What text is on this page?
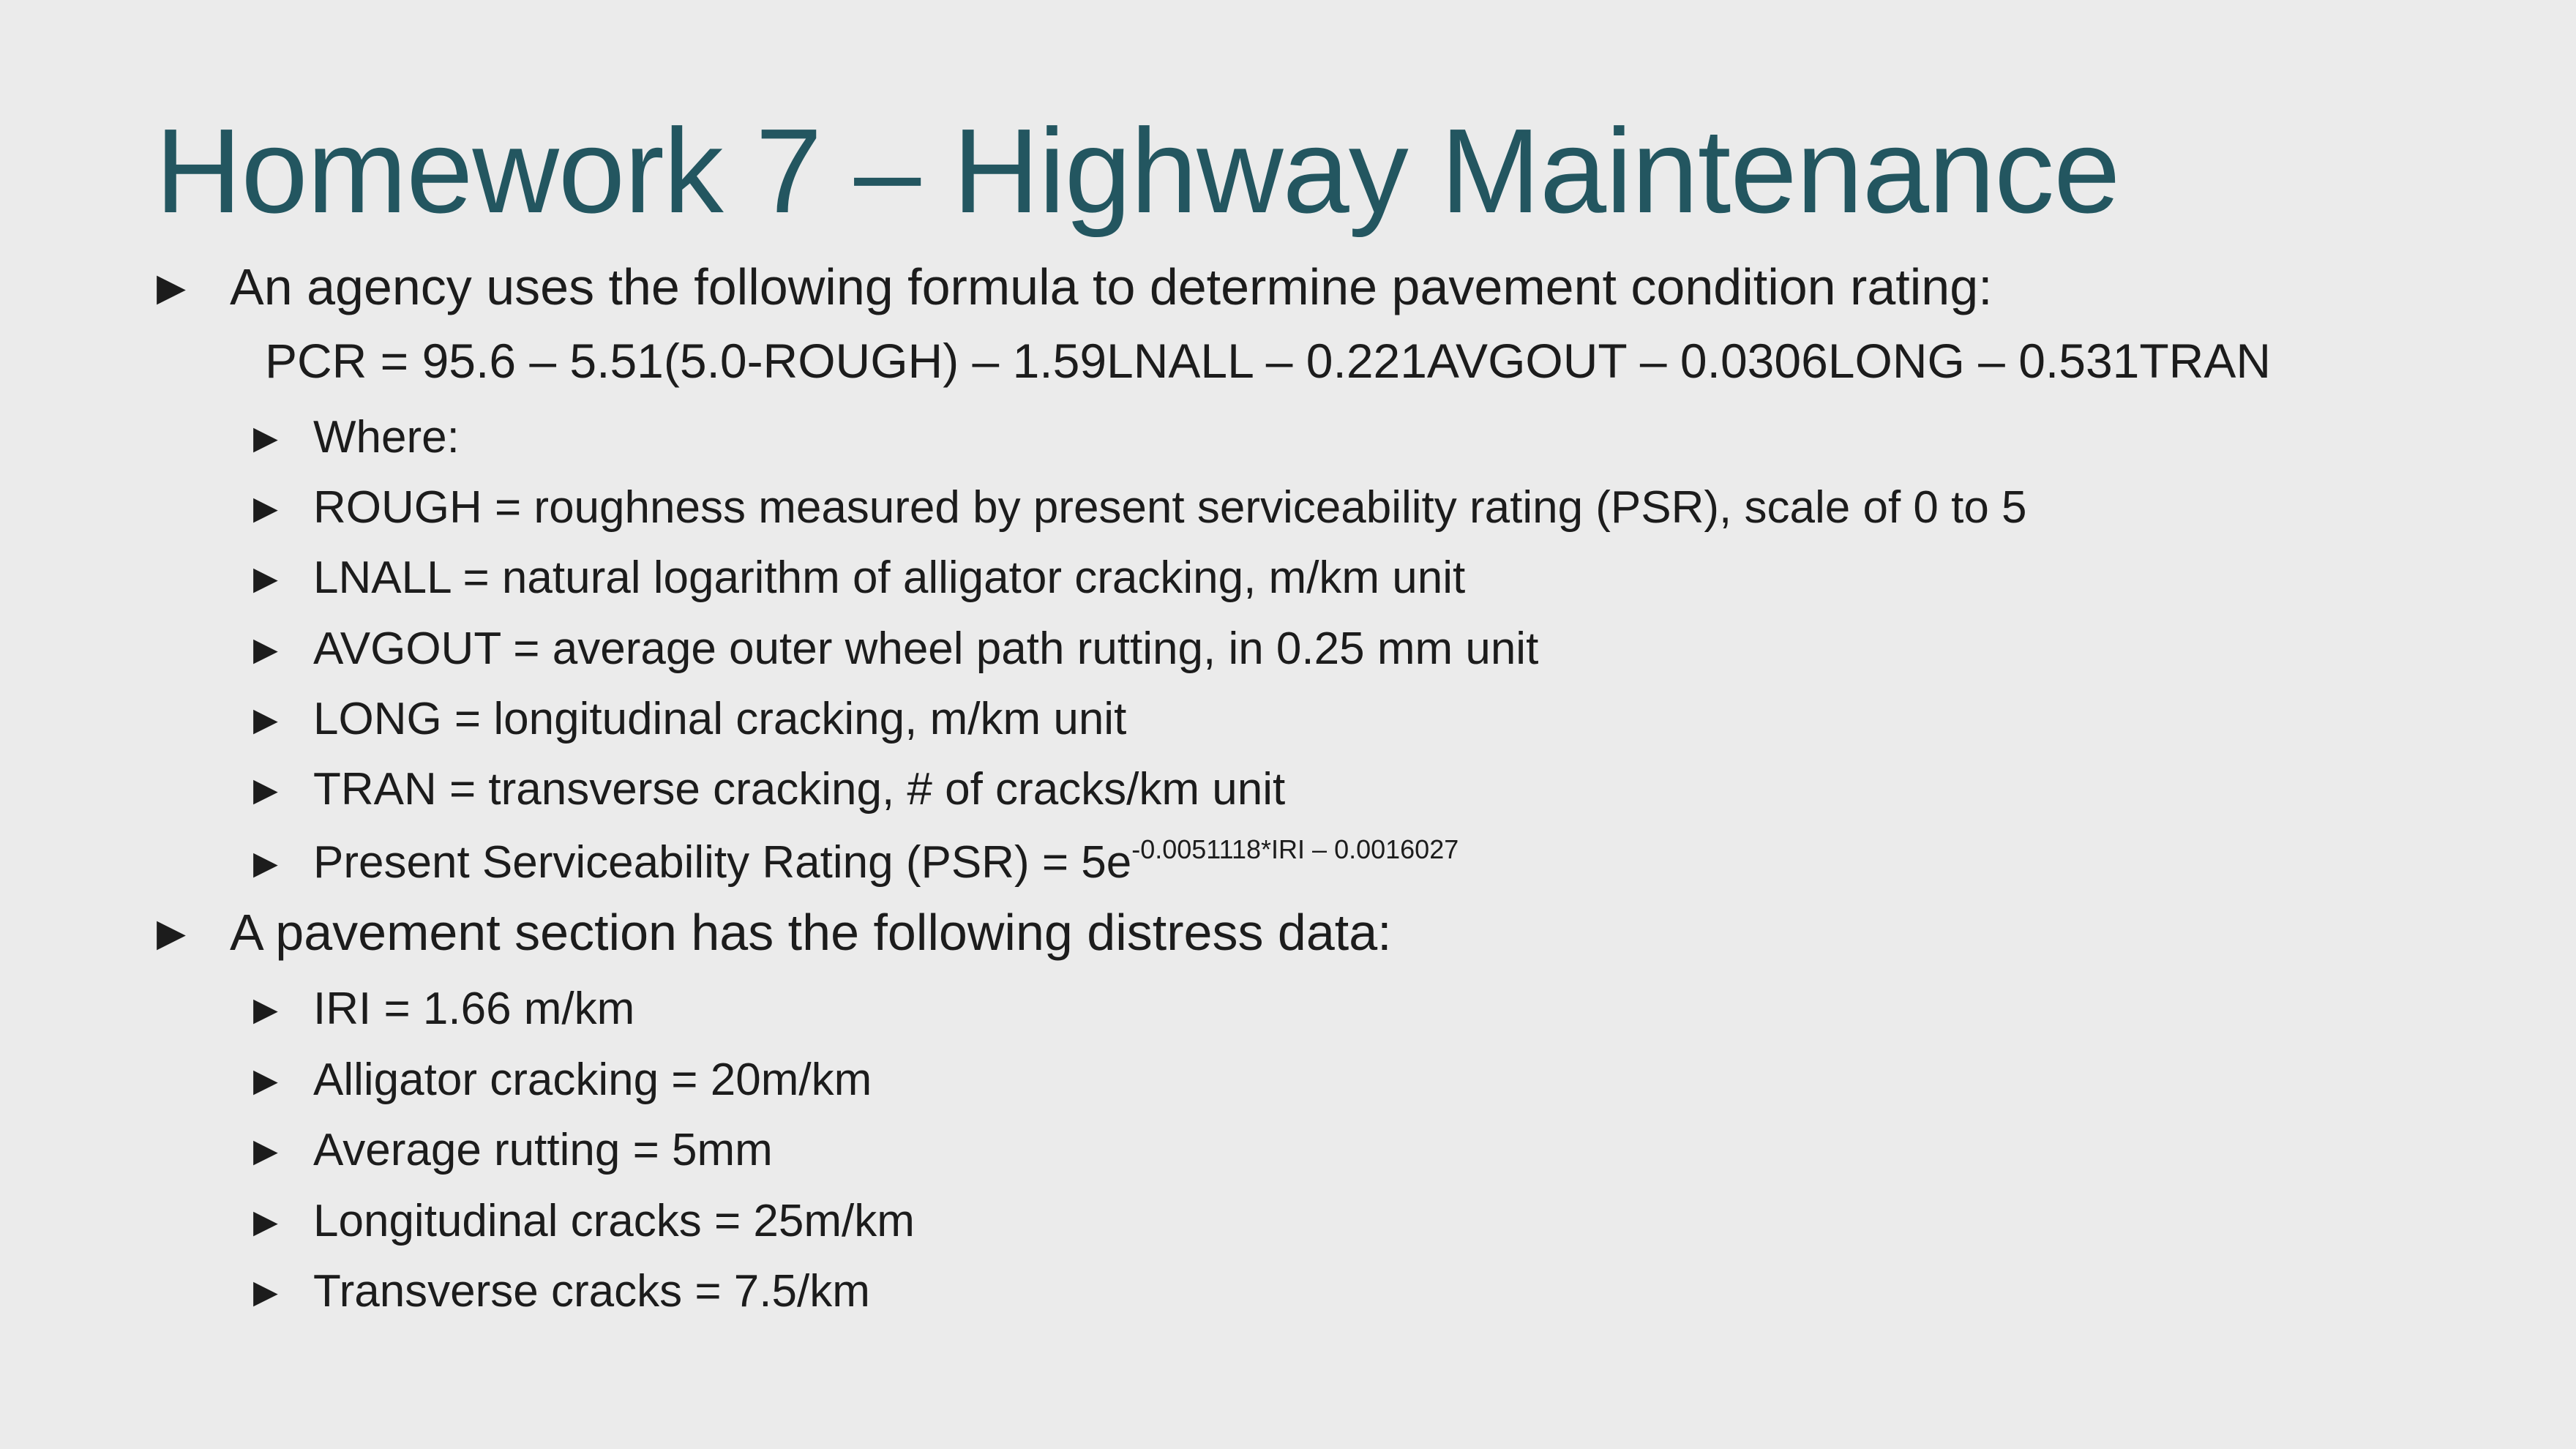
Homework 7 – Highway Maintenance
▶ An agency uses the following formula to determine pavement condition rating:
PCR = 95.6 – 5.51(5.0-ROUGH) – 1.59LNALL – 0.221AVGOUT – 0.0306LONG – 0.531TRAN
▶ Where:
▶ ROUGH = roughness measured by present serviceability rating (PSR), scale of 0 to 5
▶ LNALL = natural logarithm of alligator cracking, m/km unit
▶ AVGOUT = average outer wheel path rutting, in 0.25 mm unit
▶ LONG = longitudinal cracking, m/km unit
▶ TRAN = transverse cracking, # of cracks/km unit
▶ Present Serviceability Rating $(PSR) = 5e^{-0.0051118*IRI - 0.0016027}$
▶ A pavement section has the following distress data:
▶ IRI = 1.66 m/km
▶ Alligator cracking = 20m/km
▶ Average rutting = 5mm
▶ Longitudinal cracks = 25m/km
▶ Transverse cracks = 7.5/km
